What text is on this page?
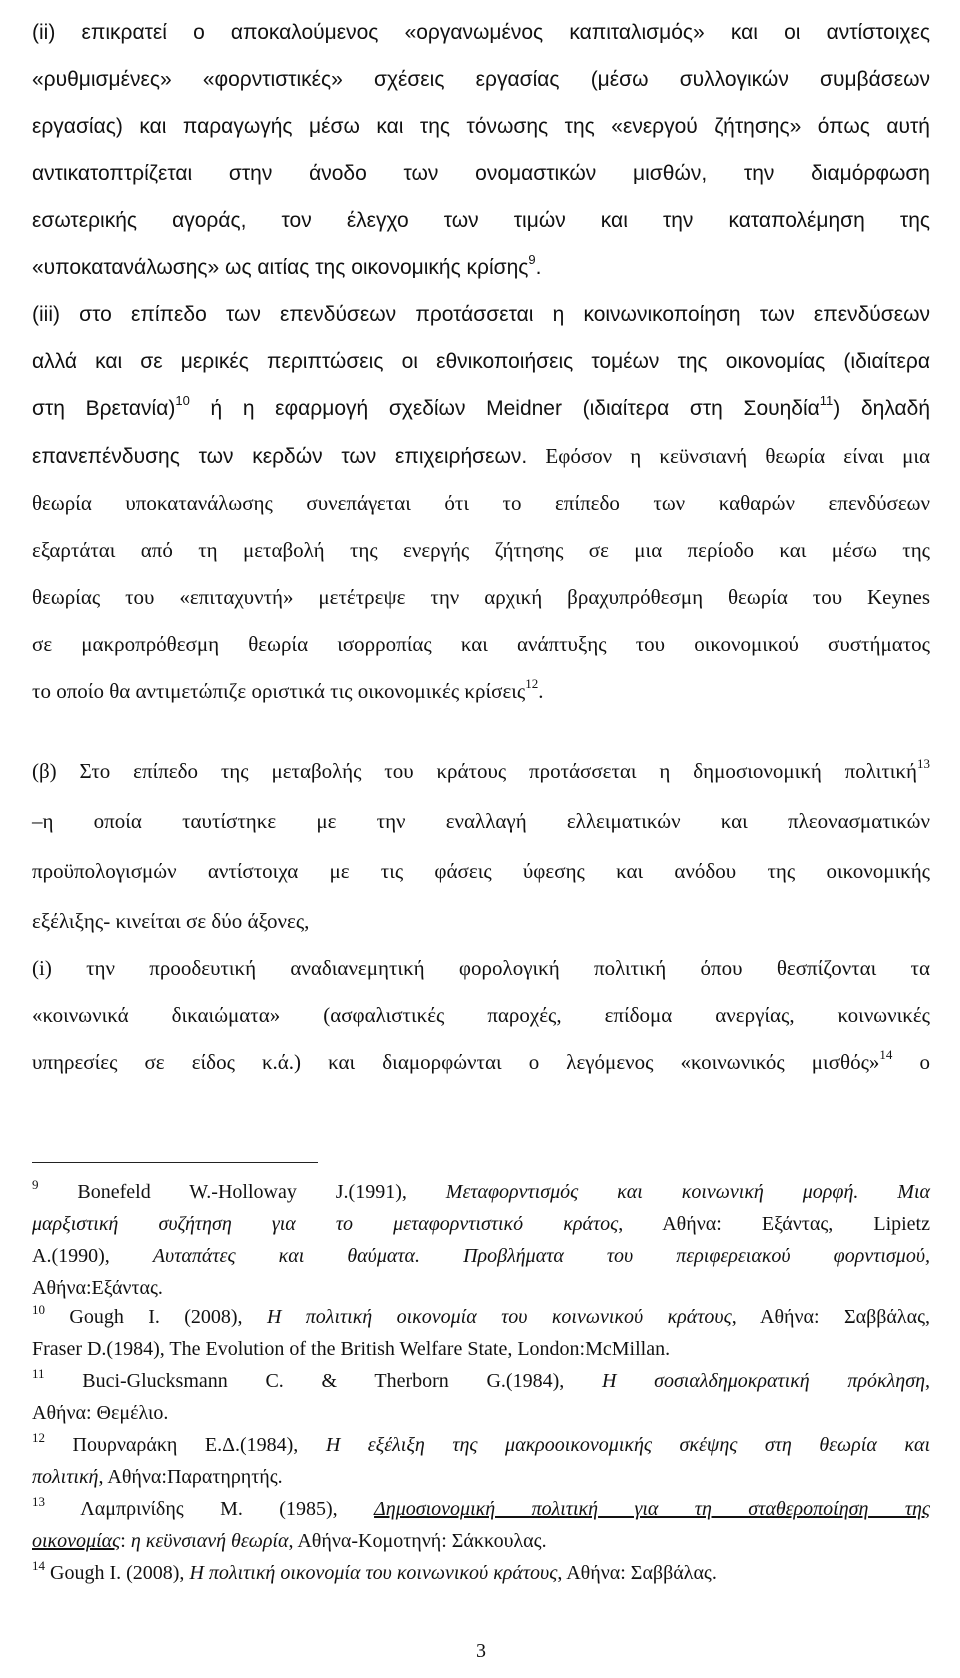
(ii) επικρατεί ο αποκαλούμενος «οργανωμένος καπιταλισμός» και οι αντίστοιχες
«ρυθμισμένες» «φορντιστικές» σχέσεις εργασίας (μέσω συλλογικών συμβάσεων
εργασίας) και παραγωγής μέσω και της τόνωσης της «ενεργού ζήτησης» όπως αυτή
αντικατοπτρίζεται στην άνοδο των ονομαστικών μισθών, την διαμόρφωση
εσωτερικής αγοράς, τον έλεγχο των τιμών και την καταπολέμηση της
«υποκατανάλωσης» ως αιτίας της οικονομικής κρίσης$^9$.
(iii) στο επίπεδο των επενδύσεων προτάσσεται η κοινωνικοποίηση των επενδύσεων
αλλά και σε μερικές περιπτώσεις οι εθνικοποιήσεις τομέων της οικονομίας (ιδιαίτερα
στη Βρετανία)$^{10}$ ή η εφαρμογή σχεδίων Meidner (ιδιαίτερα στη Σουηδία$^{11}$) δηλαδή
επανεπένδυσης των κερδών των επιχειρήσεων. Εφόσον η κεϋνσιανή θεωρία είναι μια
θεωρία υποκατανάλωσης συνεπάγεται ότι το επίπεδο των καθαρών επενδύσεων
εξαρτάται από τη μεταβολή της ενεργής ζήτησης σε μια περίοδο και μέσω της
θεωρίας του «επιταχυντή» μετέτρεψε την αρχική βραχυπρόθεσμη θεωρία του Keynes
σε μακροπρόθεσμη θεωρία ισορροπίας και ανάπτυξης του οικονομικού συστήματος
το οποίο θα αντιμετώπιζε οριστικά τις οικονομικές κρίσεις$^{12}$.
(β) Στο επίπεδο της μεταβολής του κράτους προτάσσεται η δημοσιονομική πολιτική$^{13}$
–η οποία ταυτίστηκε με την εναλλαγή ελλειματικών και πλεονασματικών
προϋπολογισμών αντίστοιχα με τις φάσεις ύφεσης και ανόδου της οικονομικής
εξέλιξης- κινείται σε δύο άξονες,
(i) την προοδευτική αναδιανεμητική φορολογική πολιτική όπου θεσπίζονται τα
«κοινωνικά δικαιώματα» (ασφαλιστικές παροχές, επίδομα ανεργίας, κοινωνικές
υπηρεσίες σε είδος κ.ά.) και διαμορφώνται ο λεγόμενος «κοινωνικός μισθός»$^{14}$ ο
$^9$ Bonefeld W.-Holloway J.(1991), Μεταφορντισμός και κοινωνική μορφή. Μια
μαρξιστική συζήτηση για το μεταφορντιστικό κράτος, Αθήνα: Εξάντας, Lipietz
A.(1990), Αυταπάτες και θαύματα. Προβλήματα του περιφερειακού φορντισμού,
Αθήνα:Εξάντας.
$^{10}$ Gough I. (2008), Η πολιτική οικονομία του κοινωνικού κράτους, Αθήνα: Σαββάλας,
Fraser D.(1984), The Evolution of the British Welfare State, London:McMillan.
$^{11}$ Buci-Glucksmann C. & Therborn G.(1984), Η σοσιαλδημοκρατική πρόκληση,
Αθήνα: Θεμέλιο.
$^{12}$ Πουρναράκη Ε.Δ.(1984), Η εξέλιξη της μακροοικονομικής σκέψης στη θεωρία και
πολιτική, Αθήνα:Παρατηρητής.
$^{13}$ Λαμπρινίδης Μ. (1985), Δημοσιονομική πολιτική για τη σταθεροποίηση της
οικονομίας: η κεϋνσιανή θεωρία, Αθήνα-Κομοτηνή: Σάκκουλας.
$^{14}$ Gough I. (2008), Η πολιτική οικονομία του κοινωνικού κράτους, Αθήνα: Σαββάλας.
3
